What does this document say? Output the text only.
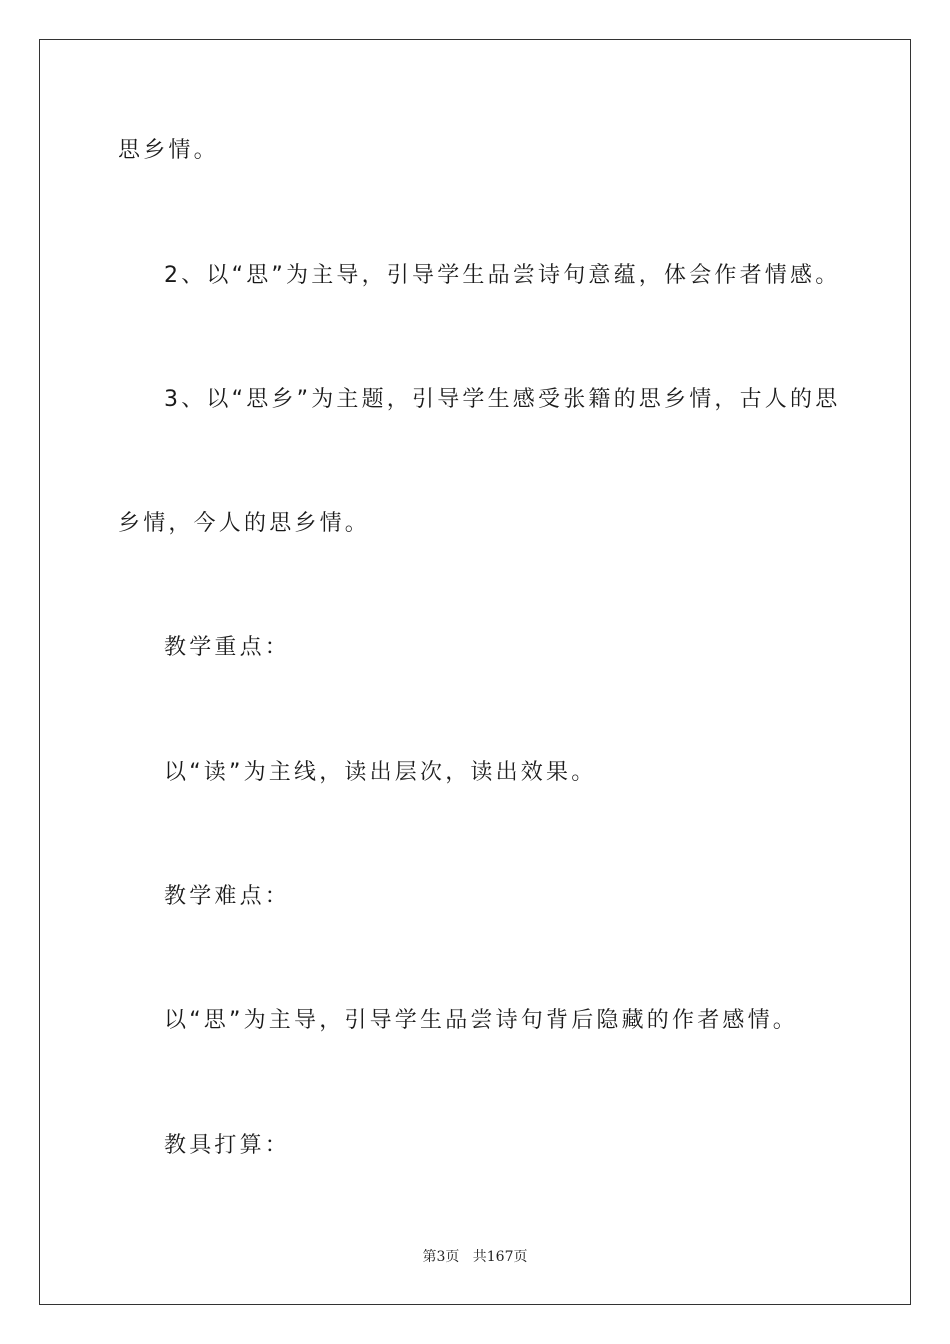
思乡情。
2、以“思”为主导，引导学生品尝诗句意蕴，体会作者情感。
3、以“思乡”为主题，引导学生感受张籍的思乡情，古人的思
乡情，今人的思乡情。
教学重点：
以“读”为主线，读出层次，读出效果。
教学难点：
以“思”为主导，引导学生品尝诗句背后隐藏的作者感情。
教具打算：
第3页 共167页
